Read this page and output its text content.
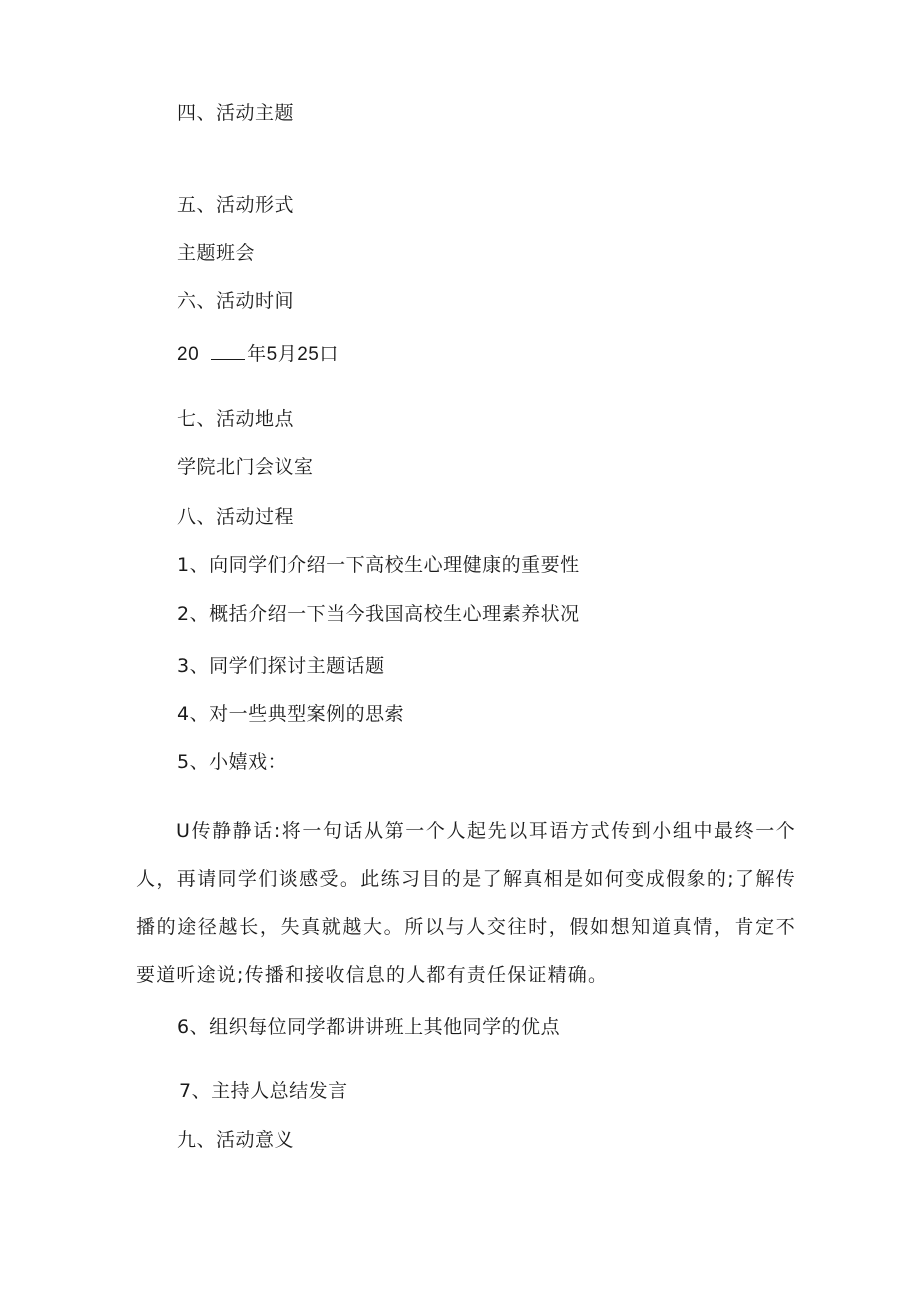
四、活动主题
五、活动形式
主题班会
六、活动时间
20	年5月25口
七、活动地点
学院北门会议室
八、活动过程
1、向同学们介绍一下高校生心理健康的重要性
2、概括介绍一下当今我国高校生心理素养状况
3、同学们探讨主题话题
4、对一些典型案例的思索
5、小嬉戏：
U传静静话:将一句话从第一个人起先以耳语方式传到小组中最终一个人，再请同学们谈感受。此练习目的是了解真相是如何变成假象的;了解传播的途径越长，失真就越大。所以与人交往时，假如想知道真情，肯定不要道听途说;传播和接收信息的人都有责任保证精确。
6、组织每位同学都讲讲班上其他同学的优点
7、主持人总结发言
九、活动意义
